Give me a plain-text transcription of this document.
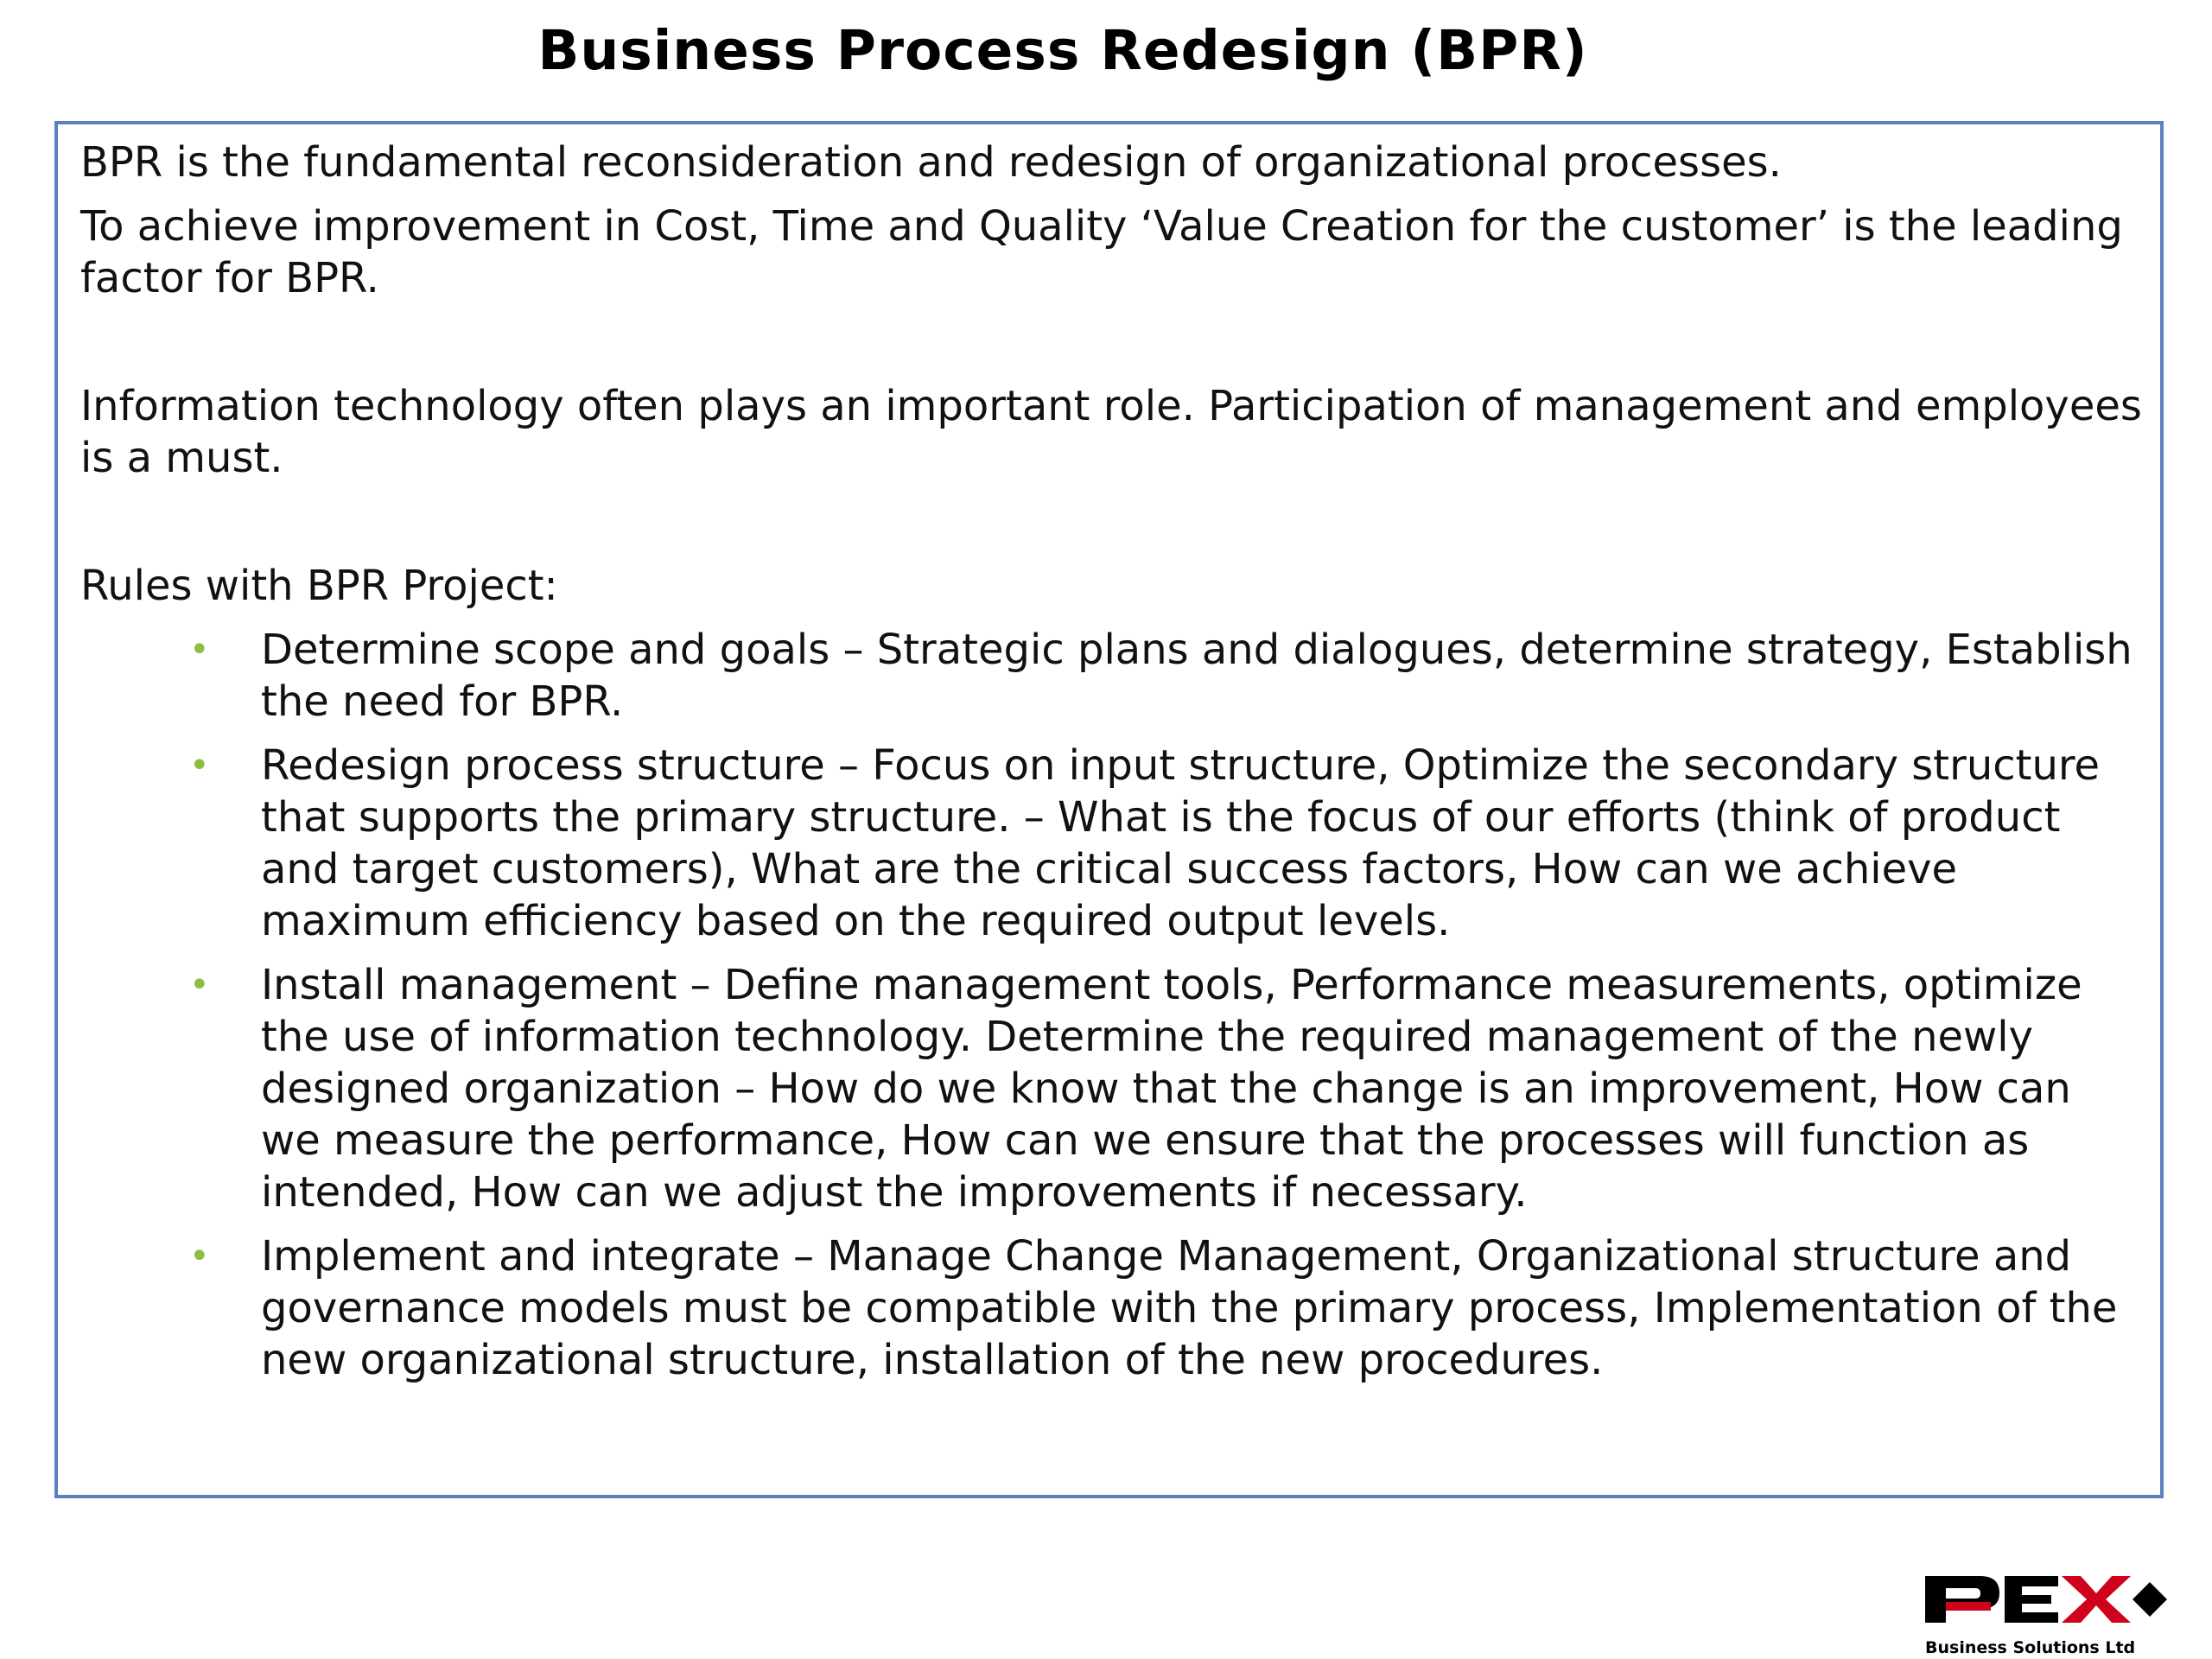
Business Process Redesign (BPR)

BPR is the fundamental reconsideration and redesign of organizational processes.

To achieve improvement in Cost, Time and Quality ‘Value Creation for the customer’ is the leading factor for BPR.

Information technology often plays an important role. Participation of management and employees is a must.

Rules with BPR Project:

• Determine scope and goals – Strategic plans and dialogues, determine strategy, Establish the need for BPR.
• Redesign process structure – Focus on input structure, Optimize the secondary structure that supports the primary structure. – What is the focus of our efforts (think of product and target customers), What are the critical success factors, How can we achieve maximum efficiency based on the required output levels.
• Install management – Define management tools, Performance measurements, optimize the use of information technology. Determine the required management of the newly designed organization – How do we know that the change is an improvement, How can we measure the performance, How can we ensure that the processes will function as intended, How can we adjust the improvements if necessary.
• Implement and integrate – Manage Change Management, Organizational structure and governance models must be compatible with the primary process, Implementation of the new organizational structure, installation of the new procedures.
Business Solutions Ltd
